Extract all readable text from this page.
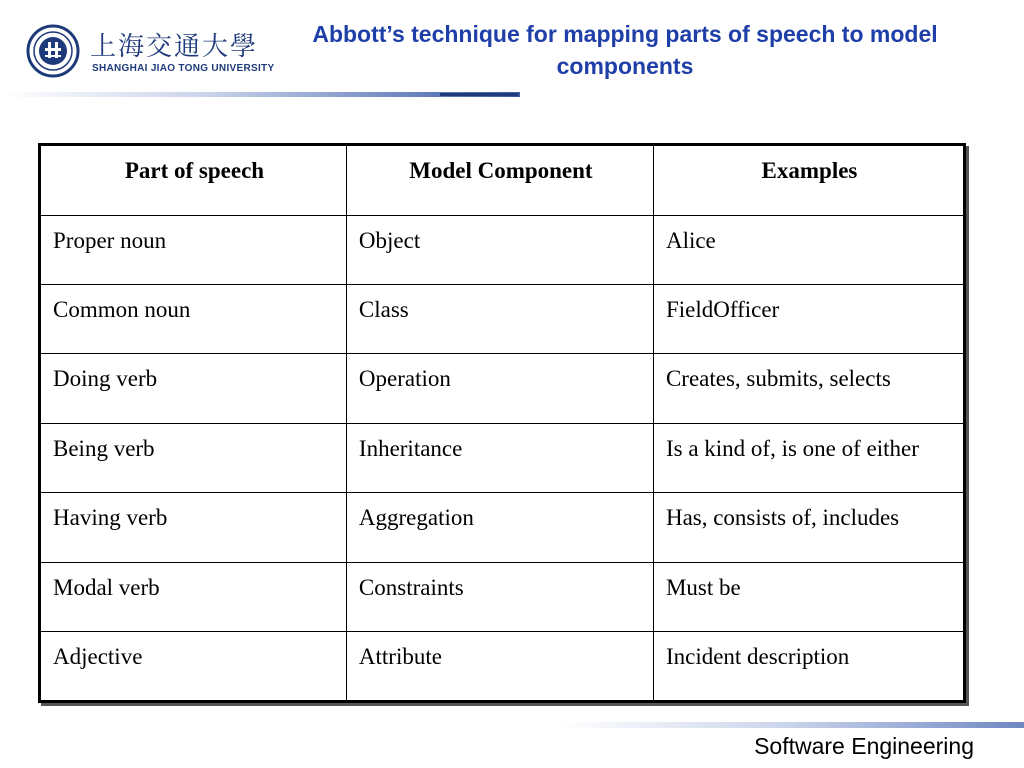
上海交通大學
SHANGHAI JIAO TONG UNIVERSITY
Abbott’s technique for mapping parts of speech to model components
Part of speech	Model Component	Examples
Proper noun	Object	Alice
Common noun	Class	FieldOfficer
Doing verb	Operation	Creates, submits, selects
Being verb	Inheritance	Is a kind of, is one of either
Having verb	Aggregation	Has, consists of, includes
Modal verb	Constraints	Must be
Adjective	Attribute	Incident description
Software Engineering
